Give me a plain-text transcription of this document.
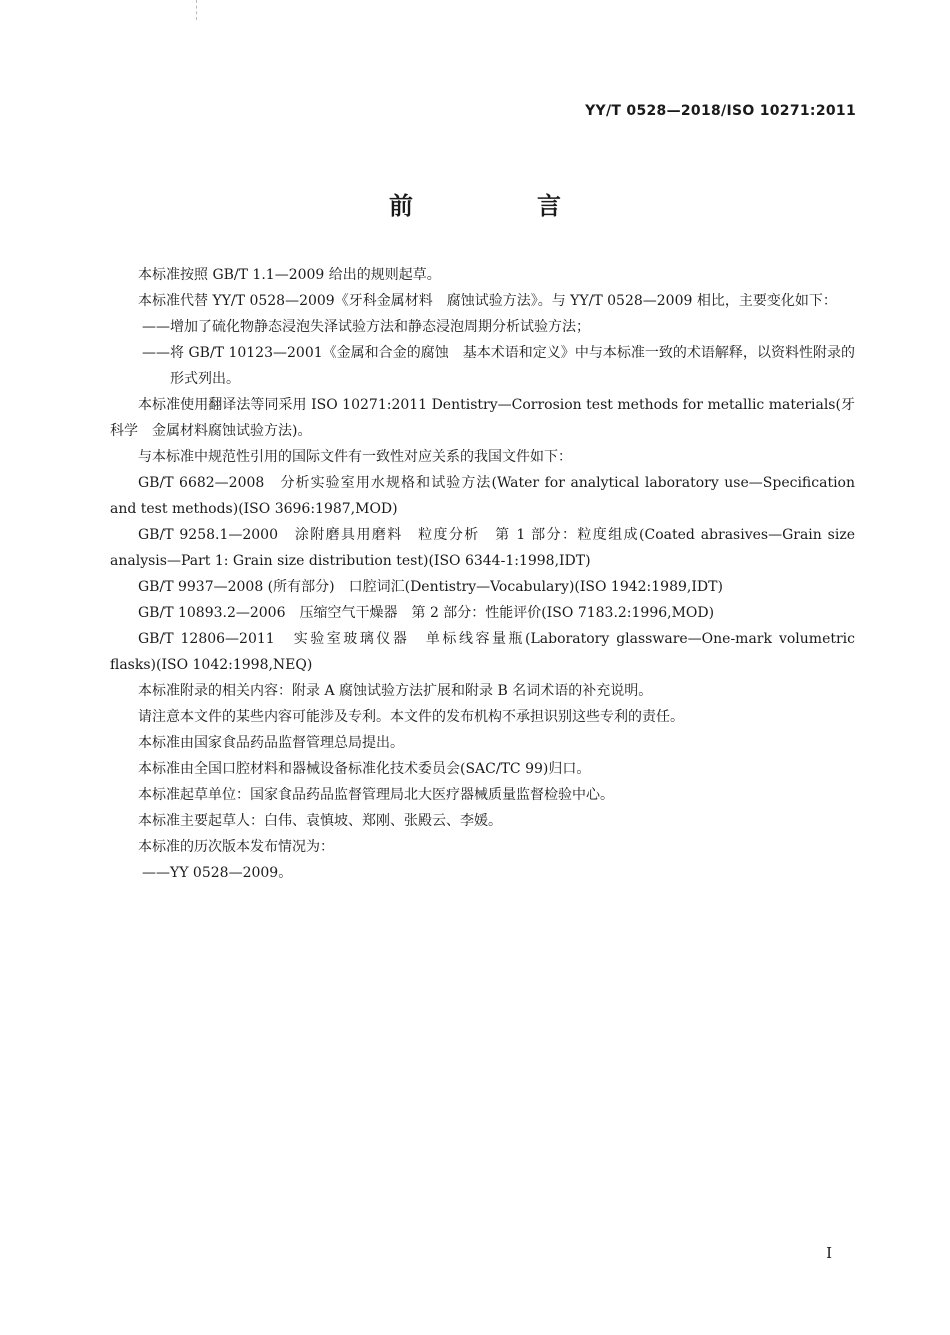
YY/T 0528—2018/ISO 10271:2011
前　言

本标准按照 GB/T 1.1—2009 给出的规则起草。

本标准代替 YY/T 0528—2009《牙科金属材料　腐蚀试验方法》。与 YY/T 0528—2009 相比，主要变化如下：

——增加了硫化物静态浸泡失泽试验方法和静态浸泡周期分析试验方法；

——将 GB/T 10123—2001《金属和合金的腐蚀　基本术语和定义》中与本标准一致的术语解释，以资料性附录的形式列出。

本标准使用翻译法等同采用 ISO 10271:2011 Dentistry—Corrosion test methods for metallic materials(牙科学　金属材料腐蚀试验方法)。

与本标准中规范性引用的国际文件有一致性对应关系的我国文件如下：

GB/T 6682—2008　分析实验室用水规格和试验方法(Water for analytical laboratory use—Specification and test methods)(ISO 3696:1987,MOD)

GB/T 9258.1—2000　涂附磨具用磨料　粒度分析　第 1 部分：粒度组成(Coated abrasives—Grain size analysis—Part 1: Grain size distribution test)(ISO 6344-1:1998,IDT)

GB/T 9937—2008 (所有部分)　口腔词汇(Dentistry—Vocabulary)(ISO 1942:1989,IDT)

GB/T 10893.2—2006　压缩空气干燥器　第 2 部分：性能评价(ISO 7183.2:1996,MOD)

GB/T 12806—2011　实验室玻璃仪器　单标线容量瓶(Laboratory glassware—One-mark volumetric flasks)(ISO 1042:1998,NEQ)

本标准附录的相关内容：附录 A 腐蚀试验方法扩展和附录 B 名词术语的补充说明。

请注意本文件的某些内容可能涉及专利。本文件的发布机构不承担识别这些专利的责任。

本标准由国家食品药品监督管理总局提出。

本标准由全国口腔材料和器械设备标准化技术委员会(SAC/TC 99)归口。

本标准起草单位：国家食品药品监督管理局北大医疗器械质量监督检验中心。

本标准主要起草人：白伟、袁慎坡、郑刚、张殿云、李媛。

本标准的历次版本发布情况为：

——YY 0528—2009。

I
